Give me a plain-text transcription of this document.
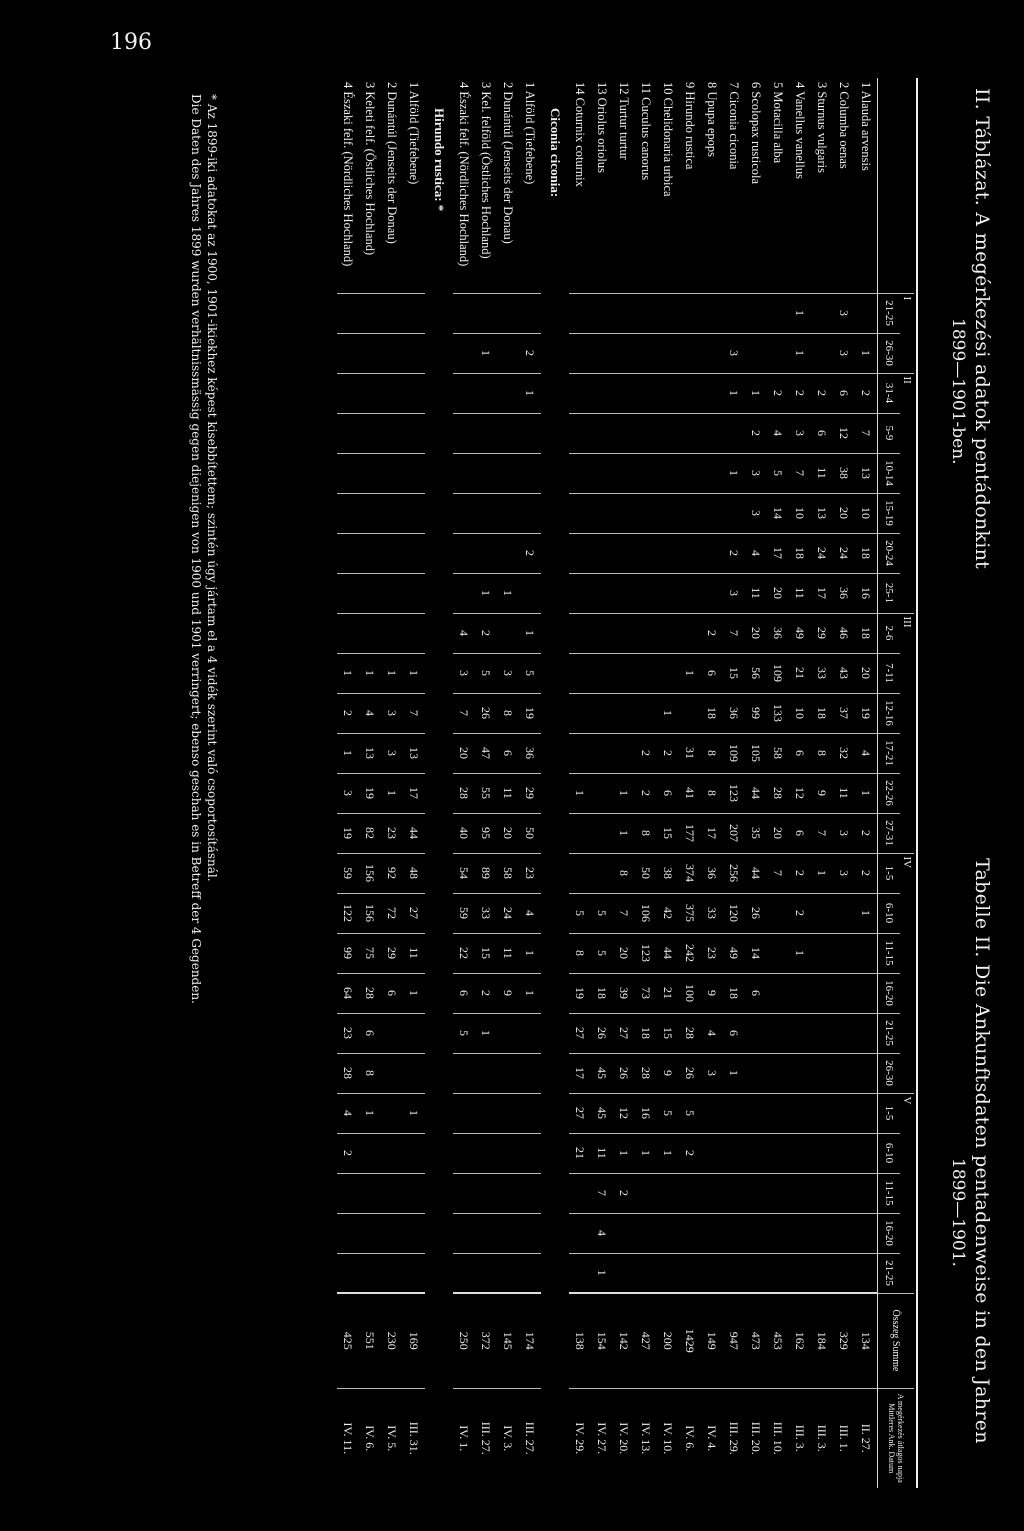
196
II. Táblázat. A megérkezési adatok pentádonkint
1899—1901-ben.
Tabelle II. Die Ankunftsdaten pentadenweise in den Jahren
1899—1901.
	I		II						III						IV						V					Összeg Summe	A megérkezés átlagos napja Mittleres Ank. Datum
	21-25	26-30	31-4	5-9	10-14	15-19	20-24	25-1	2-6	7-11	12-16	17-21	22-26	27-31	1-5	6-10	11-15	16-20	21-25	26-30	1-5	6-10	11-15	16-20	21-25		
1 Alauda arvensis		1	2	7	13	10	18	16	18	20	19	4	1	2	2	1										134	II. 27.
2 Columba oenas	3	3	6	12	38	20	24	36	46	43	37	32	11	3	3											329	III. 1.
3 Sturnus vulgaris			2	6	11	13	24	17	29	33	18	8	9	7	1											184	III. 3.
4 Vanellus vanellus	1	1	2	3	7	10	18	11	49	21	10	6	12	6	2	2	1									162	III. 3.
5 Motacilla alba			2	4	5	14	17	20	36	109	133	58	28	20	7											453	III. 10.
6 Scolopax rusticola			1	2	3	3	4	11	20	56	99	105	44	35	44	26	14	6								473	III. 20.
7 Ciconia ciconia		3	1		1		2	3	7	15	36	109	123	207	256	120	49	18	6	1						947	III. 29.
8 Upupa epops									2	6	18	8	8	17	36	33	23	9	4	3						149	IV. 4.
9 Hirundo rustica										1		31	41	177	374	375	242	100	28	26	5	2				1429	IV. 6.
10 Chelidonaria urbica											1	2	6	15	38	42	44	21	15	9	5	1				200	IV. 10.
11 Cuculus canorus												2	2	8	50	106	123	73	18	28	16	1				427	IV. 13.
12 Turtur turtur													1	1	8	7	20	39	27	26	12	1	2			142	IV. 20.
13 Oriolus oriolus																5	5	18	26	45	45	11	7	4	1	154	IV. 27.
14 Coturnix coturnix													1			5	8	19	27	17	27	21				138	IV. 29.
Ciconia ciconia:																											
1 Alföld (Tiefebene)		2	1				2		1	5	19	36	29	50	23	4	1	1								174	III. 27.
2 Dunántúl (Jenseits der Donau)								1		3	8	6	11	20	58	24	11	9								145	IV. 3.
3 Kel. felföld (Östliches Hochland)		1						1	2	5	26	47	55	95	89	33	15	2	1							372	III. 27.
4 Északi felf. (Nördliches Hochland)									4	3	7	20	28	40	54	59	22	6	5							250	IV. 1.
Hirundo rustica: *																											
1 Alföld (Tiefebene)										1	7	13	17	44	48	27	11	1			1					169	III. 31.
2 Dunántúl (Jenseits der Donau)										1	3	3	1	23	92	72	29	6								230	IV. 5.
3 Keleti felf. (Östliches Hochland)										1	4	13	19	82	156	156	75	28	6	8	1					551	IV. 6.
4 Északi felf. (Nördliches Hochland)										1	2	1	3	19	59	122	99	64	23	28	4	2				425	IV. 11.
* Az 1899-iki adatokat az 1900, 1901-ikiekhez képest kisebbítettem; szintén úgy jártam el a 4 vidék szerint való csoportosításnál.
Die Daten des Jahres 1899 wurden verhältnissmässig gegen diejenigen von 1900 und 1901 verringert; ebenso geschah es in Betreff der 4 Gegenden.
